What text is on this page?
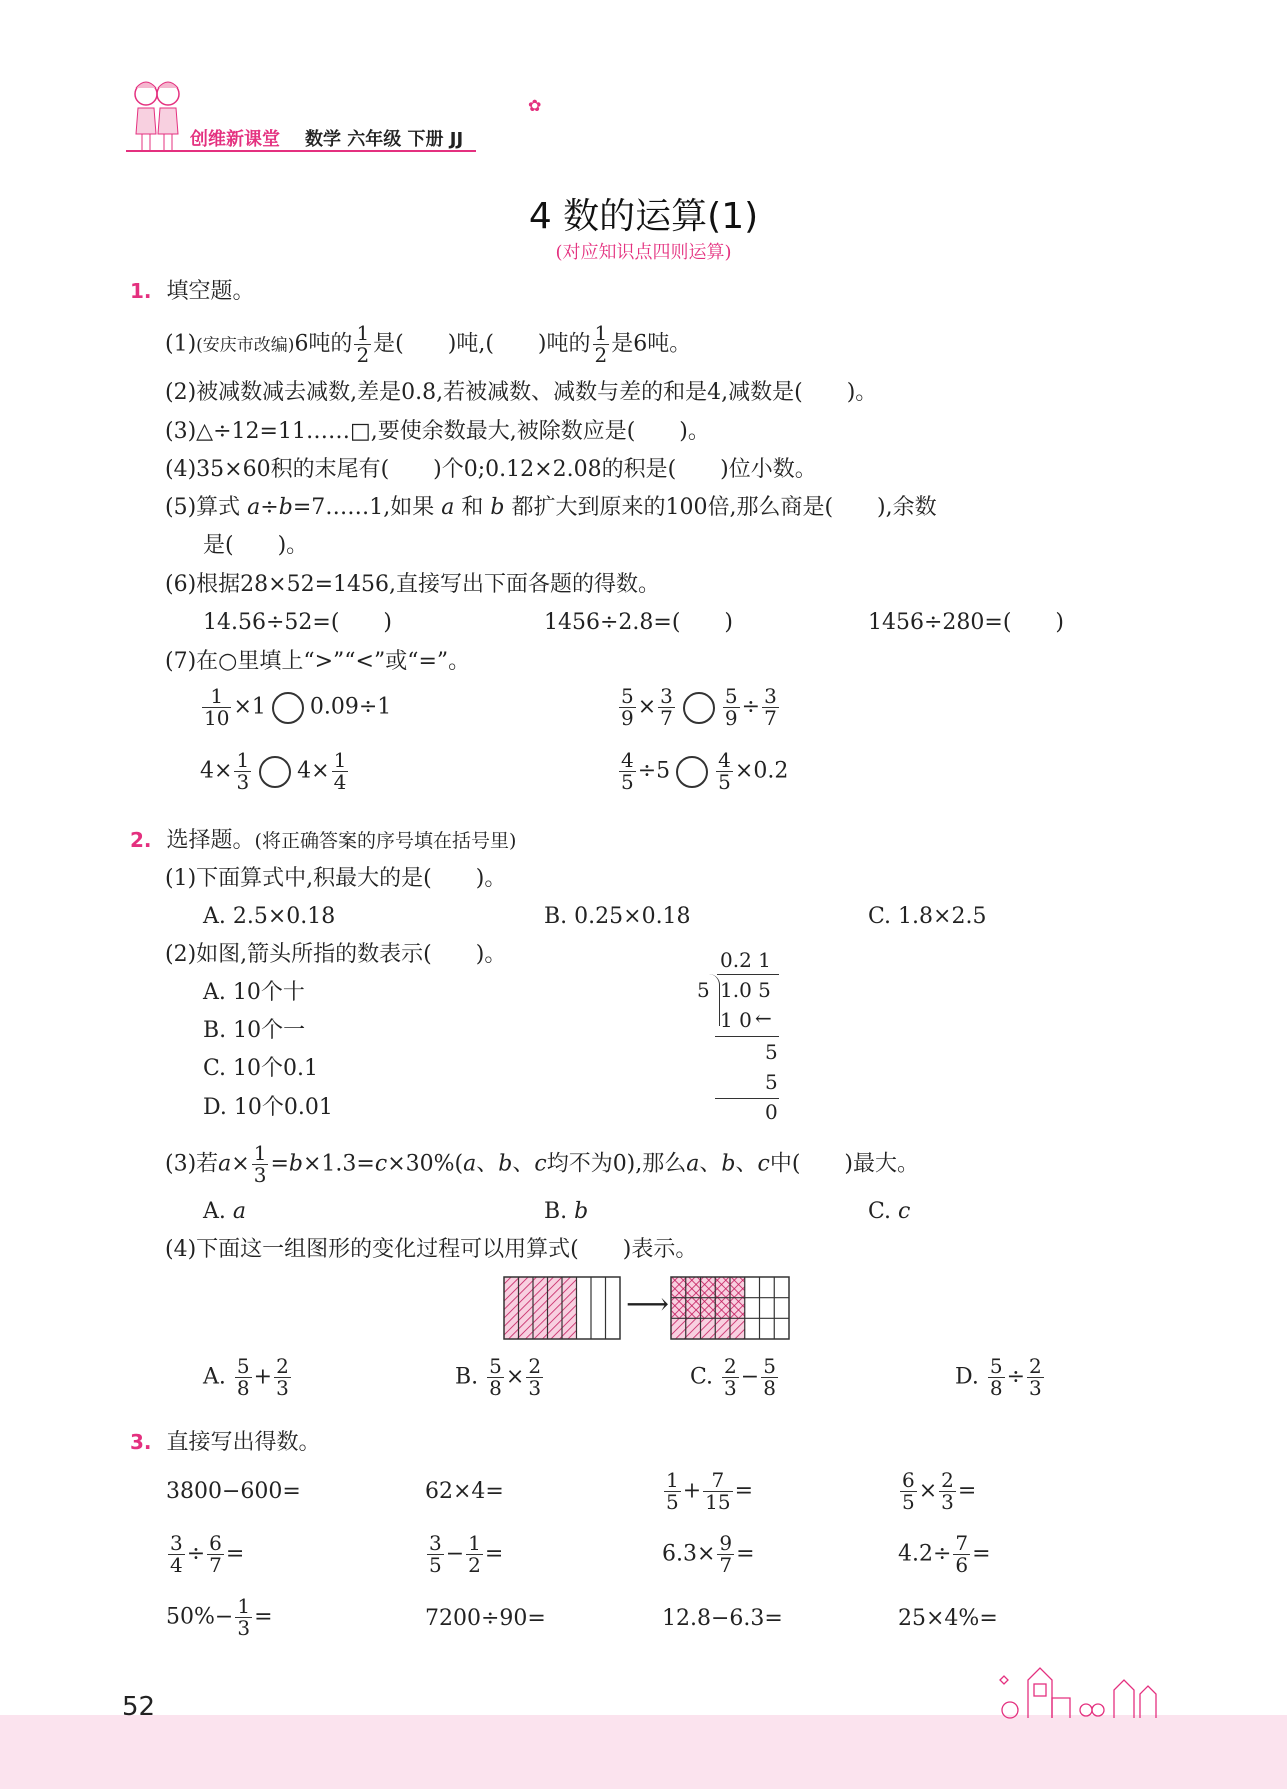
创维新课堂 数学 六年级 下册 JJ
✿
4 数的运算(1)
(对应知识点四则运算)
1. 填空题。
(1)(安庆市改编)6吨的 $\frac{1}{2}$ 是(　　)吨,(　　)吨的 $\frac{1}{2}$ 是6吨。
(2)被减数减去减数,差是0.8,若被减数、减数与差的和是4,减数是(　　)。
(3)△÷12=11……□,要使余数最大,被除数应是(　　)。
(4)35×60积的末尾有(　　)个0;0.12×2.08的积是(　　)位小数。
(5)算式 a÷b=7……1,如果 a 和 b 都扩大到原来的100倍,那么商是(　　),余数
是(　　)。
(6)根据28×52=1456,直接写出下面各题的得数。
14.56÷52=(　　)	1456÷2.8=(　　)	1456÷280=(　　)
(7)在○里填上“>”“<”或“=”。
$\frac{1}{10} \times 1$ 0.09÷1	$\frac{5}{9} \times \frac{3}{7} \frac{5}{9} \div \frac{3}{7}$
$4\times \frac{1}{3} 4\times \frac{1}{4}$	$\frac{4}{5} \div 5 \frac{4}{5} \times 0.2$
2. 选择题。(将正确答案的序号填在括号里)
(1)下面算式中,积最大的是(　　)。
A. 2.5×0.18	B. 0.25×0.18	C. 1.8×2.5
(2)如图,箭头所指的数表示(　　)。
A. 10个十
B. 10个一
C. 10个0.1
D. 10个0.01
0.2 1
5 1.0 5
1 0 ←
5
5
0
(3)若$a\times \frac{1}{3} =b\times 1.3=c\times 30\%(a$、b、c均不为0),那么a、b、c中(　　)最大。
A. a	B. b	C. c
(4)下面这一组图形的变化过程可以用算式(　　)表示。
⟶
A. $\frac{5}{8} + \frac{2}{3}$	B. $\frac{5}{8} \times \frac{2}{3}$	C. $\frac{2}{3} - \frac{5}{8}$	D. $\frac{5}{8} \div \frac{2}{3}$
3. 直接写出得数。
3800−600=	62×4=	$\frac{1}{5} + \frac{7}{15}$ =	$\frac{6}{5} \times \frac{2}{3}$ =
$\frac{3}{4} \div \frac{6}{7}$ =	$\frac{3}{5} - \frac{1}{2}$ =	$6.3\times \frac{9}{7}$ =	$4.2\div \frac{7}{6}$ =
$50\%- \frac{1}{3}$ =	7200÷90=	12.8−6.3=	25×4%=
52
